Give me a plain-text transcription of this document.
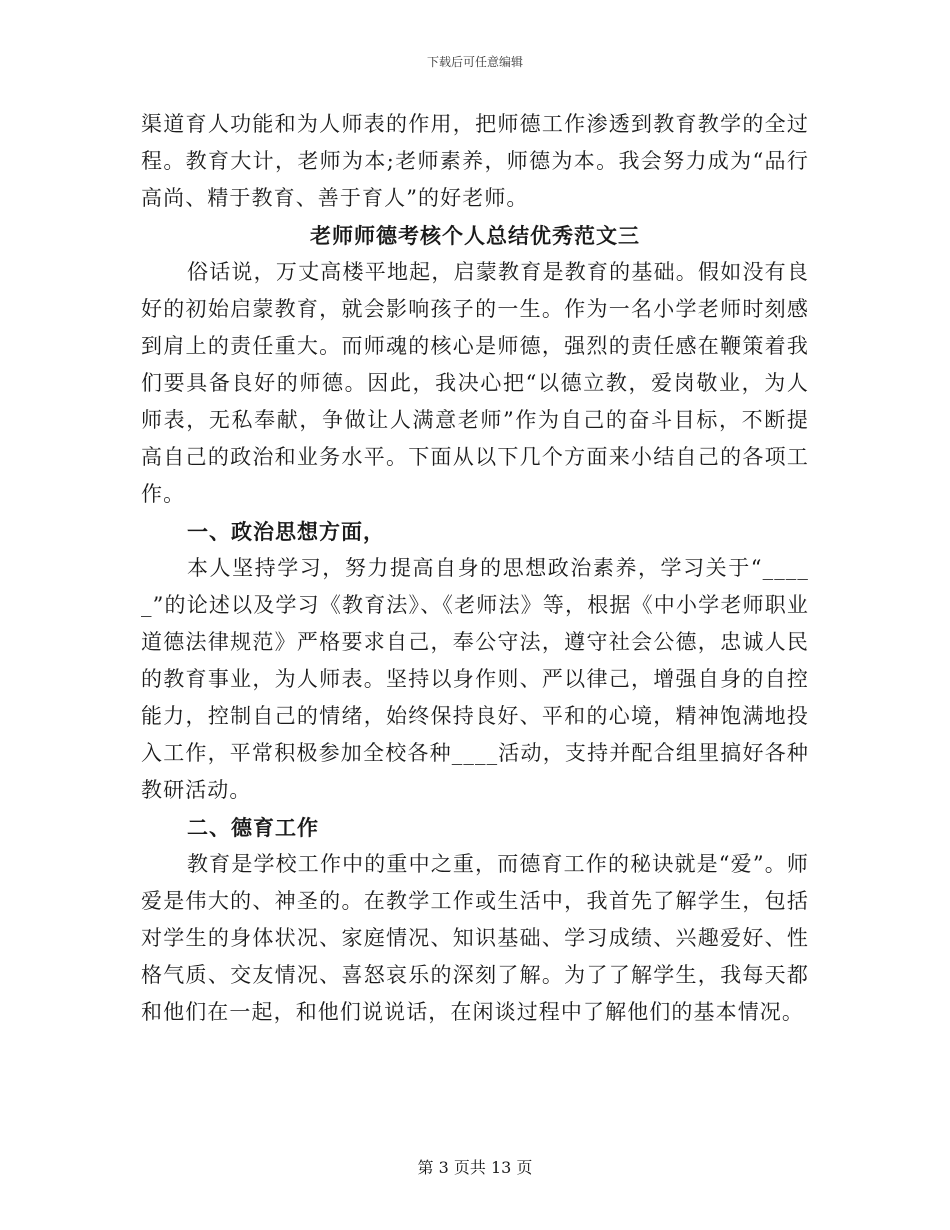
下载后可任意编辑

渠道育人功能和为人师表的作用，把师德工作渗透到教育教学的全过程。教育大计，老师为本;老师素养，师德为本。我会努力成为“品行高尚、精于教育、善于育人”的好老师。

老师师德考核个人总结优秀范文三

俗话说，万丈高楼平地起，启蒙教育是教育的基础。假如没有良好的初始启蒙教育，就会影响孩子的一生。作为一名小学老师时刻感到肩上的责任重大。而师魂的核心是师德，强烈的责任感在鞭策着我们要具备良好的师德。因此，我决心把“以德立教，爱岗敬业，为人师表，无私奉献，争做让人满意老师”作为自己的奋斗目标，不断提高自己的政治和业务水平。下面从以下几个方面来小结自己的各项工作。

一、政治思想方面，

本人坚持学习，努力提高自身的思想政治素养，学习关于“_____”的论述以及学习《教育法》、《老师法》等，根据《中小学老师职业道德法律规范》严格要求自己，奉公守法，遵守社会公德，忠诚人民的教育事业，为人师表。坚持以身作则、严以律己，增强自身的自控能力，控制自己的情绪，始终保持良好、平和的心境，精神饱满地投入工作，平常积极参加全校各种____活动，支持并配合组里搞好各种教研活动。

二、德育工作

教育是学校工作中的重中之重，而德育工作的秘诀就是“爱”。师爱是伟大的、神圣的。在教学工作或生活中，我首先了解学生，包括对学生的身体状况、家庭情况、知识基础、学习成绩、兴趣爱好、性格气质、交友情况、喜怒哀乐的深刻了解。为了了解学生，我每天都和他们在一起，和他们说说话，在闲谈过程中了解他们的基本情况。

第 3 页共 13 页
